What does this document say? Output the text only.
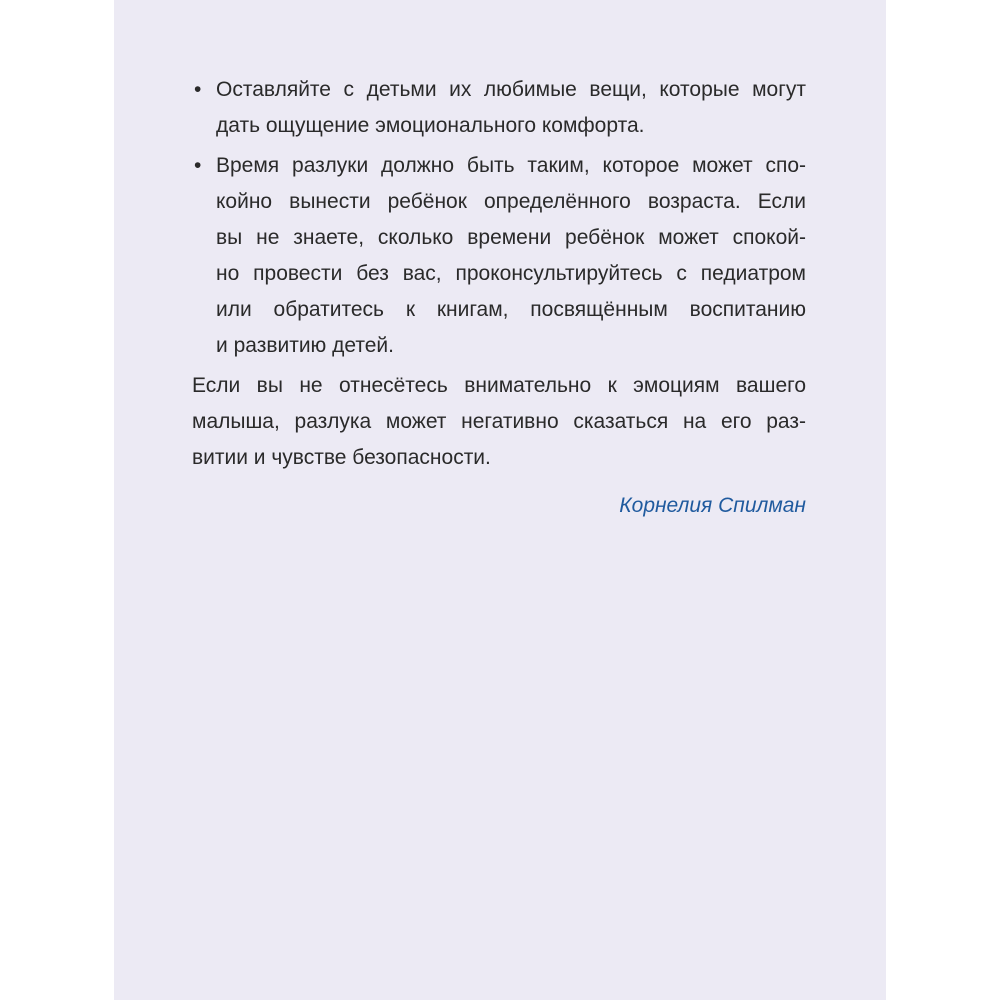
• Оставляйте с детьми их любимые вещи, которые могут
дать ощущение эмоционального комфорта.
• Время разлуки должно быть таким, которое может спо-
койно вынести ребёнок определённого возраста. Если
вы не знаете, сколько времени ребёнок может спокой-
но провести без вас, проконсультируйтесь с педиатром
или обратитесь к книгам, посвящённым воспитанию
и развитию детей.

Если вы не отнесётесь внимательно к эмоциям вашего
малыша, разлука может негативно сказаться на его раз-
витии и чувстве безопасности.

Корнелия Спилман
